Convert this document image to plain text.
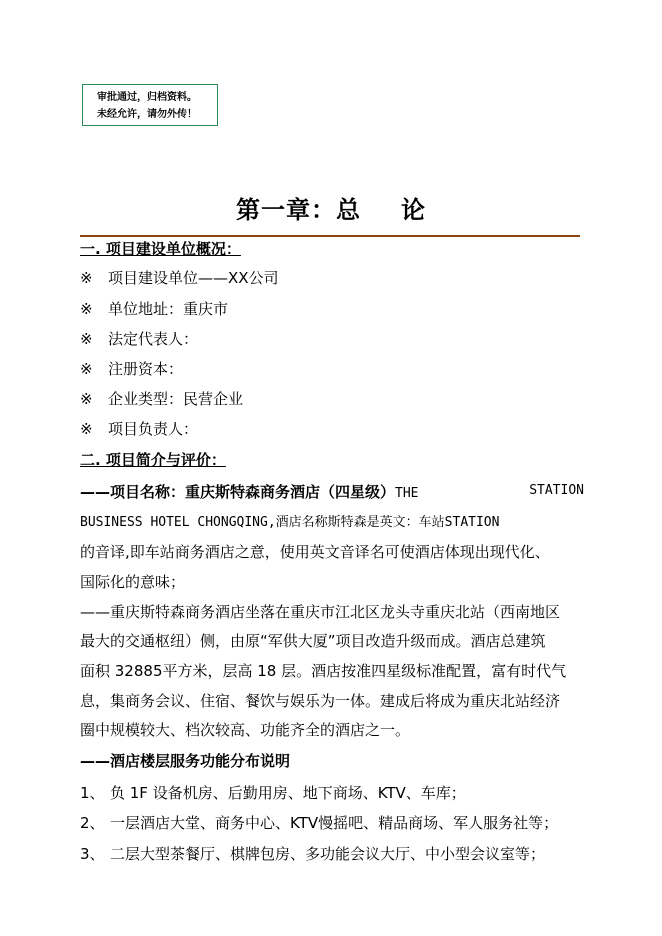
审批通过，归档资料。
未经允许，请勿外传！
第一章：总 论
一. 项目建设单位概况：
※ 项目建设单位——XX公司
※ 单位地址：重庆市
※ 法定代表人：
※ 注册资本：
※ 企业类型：民营企业
※ 项目负责人：
二. 项目简介与评价：
——项目名称：重庆斯特森商务酒店（四星级）THE	STATION
BUSINESS HOTEL CHONGQING,酒店名称斯特森是英文：车站STATION
的音译,即车站商务酒店之意，使用英文音译名可使酒店体现出现代化、
国际化的意味；
——重庆斯特森商务酒店坐落在重庆市江北区龙头寺重庆北站（西南地区
最大的交通枢纽）侧，由原“军供大厦”项目改造升级而成。酒店总建筑
面积 32885平方米，层高 18 层。酒店按准四星级标准配置，富有时代气
息，集商务会议、住宿、餐饮与娱乐为一体。建成后将成为重庆北站经济
圈中规模较大、档次较高、功能齐全的酒店之一。
——酒店楼层服务功能分布说明
1、 负 1F 设备机房、后勤用房、地下商场、KTV、车库；
2、 一层酒店大堂、商务中心、KTV慢摇吧、精品商场、军人服务社等；
3、 二层大型茶餐厅、棋牌包房、多功能会议大厅、中小型会议室等；
